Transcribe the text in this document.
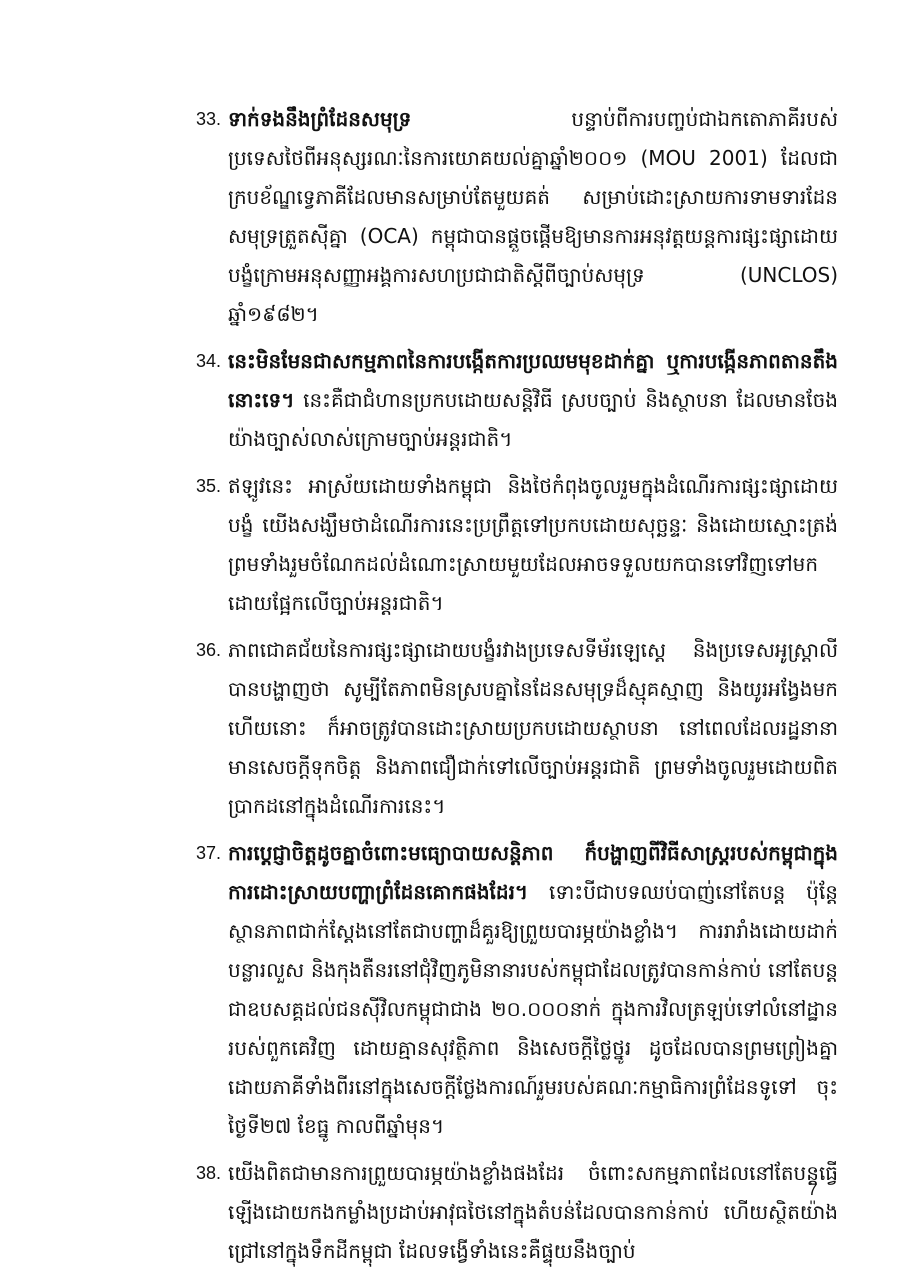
33. ទាក់ទងនឹងព្រំដែនសមុទ្រ បន្ទាប់ពីការបញ្ចប់ជាឯកតោភាគីរបស់ប្រទេសថៃពីអនុស្សរណៈនៃការយោគយល់គ្នាឆ្នាំ២០០១ (MOU 2001) ដែលជាក្របខ័ណ្ឌទ្វេភាគីដែលមានសម្រាប់តែមួយគត់ សម្រាប់ដោះស្រាយការទាមទារដែនសមុទ្រត្រួតស៊ីគ្នា (OCA) កម្ពុជាបានផ្ដួចផ្ដើមឱ្យមានការអនុវត្តយន្តការផ្សះផ្សាដោយបង្ខំក្រោមអនុសញ្ញាអង្គការសហប្រជាជាតិស្តីពីច្បាប់សមុទ្រ (UNCLOS) ឆ្នាំ១៩៨២។

34. នេះមិនមែនជាសកម្មភាពនៃការបង្កើតការប្រឈមមុខដាក់គ្នា ឬការបង្កើនភាពតានតឹងនោះទេ។ នេះគឺជាជំហានប្រកបដោយសន្តិវិធី ស្របច្បាប់ និងស្ថាបនា ដែលមានចែងយ៉ាងច្បាស់លាស់ក្រោមច្បាប់អន្តរជាតិ។

35. ឥឡូវនេះ អាស្រ័យដោយទាំងកម្ពុជា និងថៃកំពុងចូលរួមក្នុងដំណើរការផ្សះផ្សាដោយបង្ខំ យើងសង្ឃឹមថាដំណើរការនេះប្រព្រឹត្តទៅប្រកបដោយសុច្ឆន្ទៈ និងដោយស្មោះត្រង់ ព្រមទាំងរួមចំណែកដល់ដំណោះស្រាយមួយដែលអាចទទួលយកបានទៅវិញទៅមក ដោយផ្អែកលើច្បាប់អន្តរជាតិ។

36. ភាពជោគជ័យនៃការផ្សះផ្សាដោយបង្ខំរវាងប្រទេសទីម័រឡេស្តេ និងប្រទេសអូស្ត្រាលីបានបង្ហាញថា សូម្បីតែភាពមិនស្របគ្នានៃដែនសមុទ្រដ៏ស្មុគស្មាញ និងយូរអង្វែងមកហើយនោះ ក៏អាចត្រូវបានដោះស្រាយប្រកបដោយស្ថាបនា នៅពេលដែលរដ្ឋនានាមានសេចក្តីទុកចិត្ត និងភាពជឿជាក់ទៅលើច្បាប់អន្តរជាតិ ព្រមទាំងចូលរួមដោយពិតប្រាកដនៅក្នុងដំណើរការនេះ។

37. ការប្តេជ្ញាចិត្តដូចគ្នាចំពោះមធ្យោបាយសន្តិភាព ក៏បង្ហាញពីវិធីសាស្ត្ររបស់កម្ពុជាក្នុងការដោះស្រាយបញ្ហាព្រំដែនគោកផងដែរ។ ទោះបីជាបទឈប់បាញ់នៅតែបន្ត ប៉ុន្តែស្ថានភាពជាក់ស្តែងនៅតែជាបញ្ហាដ៏គួរឱ្យព្រួយបារម្ភយ៉ាងខ្លាំង។ ការរារាំងដោយដាក់បន្លារលួស និងកុងតឺនរនៅជុំវិញភូមិនានារបស់កម្ពុជាដែលត្រូវបានកាន់កាប់ នៅតែបន្តជាឧបសគ្គដល់ជនស៊ីវិលកម្ពុជាជាង ២០.០០០នាក់ ក្នុងការវិលត្រឡប់ទៅលំនៅដ្ឋានរបស់ពួកគេវិញ ដោយគ្មានសុវត្ថិភាព និងសេចក្តីថ្លៃថ្នូរ ដូចដែលបានព្រមព្រៀងគ្នាដោយភាគីទាំងពីរនៅក្នុងសេចក្តីថ្លែងការណ៍រួមរបស់គណៈកម្មាធិការព្រំដែនទូទៅ ចុះថ្ងៃទី២៧ ខែធ្នូ កាលពីឆ្នាំមុន។

38. យើងពិតជាមានការព្រួយបារម្ភយ៉ាងខ្លាំងផងដែរ ចំពោះសកម្មភាពដែលនៅតែបន្តធ្វើឡើងដោយកងកម្លាំងប្រដាប់អាវុធថៃនៅក្នុងតំបន់ដែលបានកាន់កាប់ ហើយស្ថិតយ៉ាងជ្រៅនៅក្នុងទឹកដីកម្ពុជា ដែលទង្វើទាំងនេះគឺផ្ទុយនឹងច្បាប់

7
